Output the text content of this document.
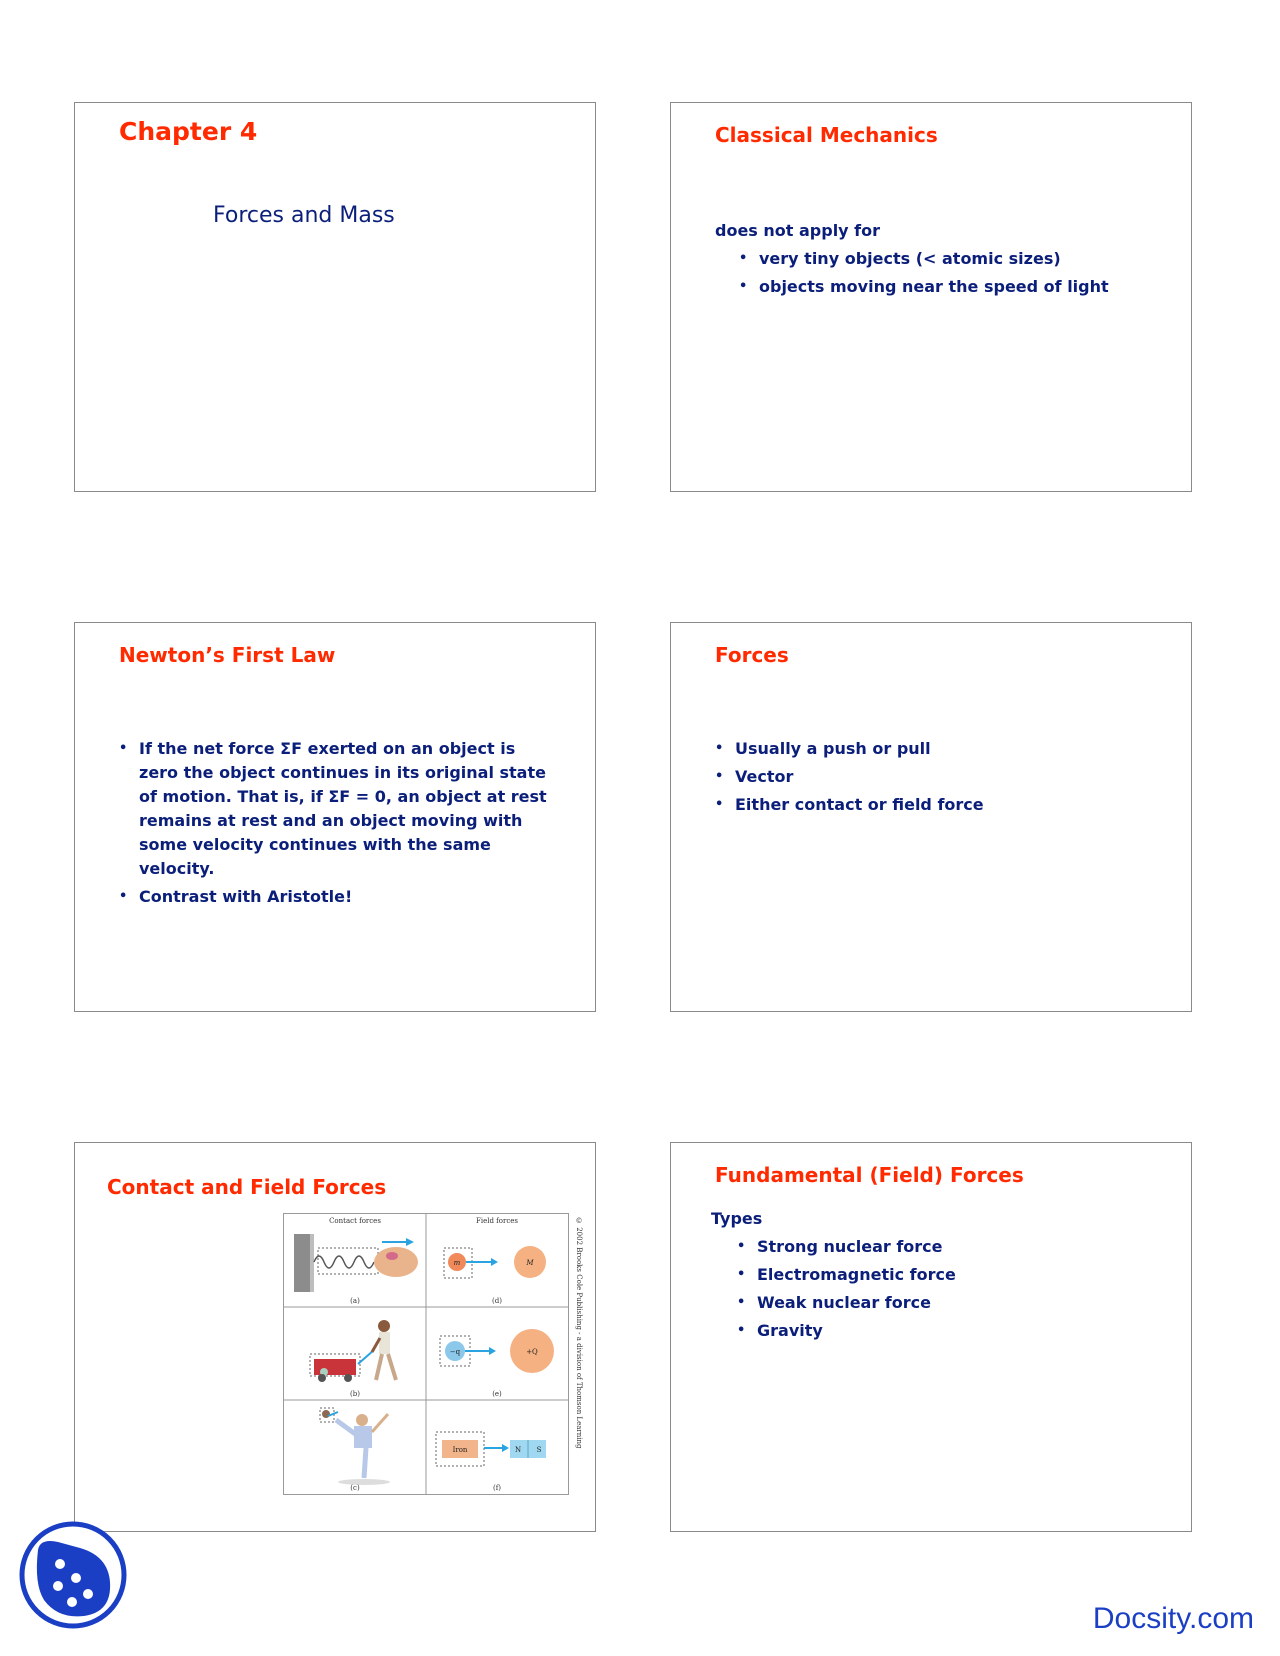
Chapter 4
Forces and Mass
Classical Mechanics
does not apply for
• very tiny objects (< atomic sizes)
• objects moving near the speed of light
Newton’s First Law
• If the net force ΣF exerted on an object is zero the object continues in its original state of motion. That is, if ΣF = 0, an object at rest remains at rest and an object moving with some velocity continues with the same velocity.
• Contrast with Aristotle!
Forces
• Usually a push or pull
• Vector
• Either contact or field force
Contact and Field Forces
Contact forces	Field forces
(a)
m	M
(d)
(b)
−q	+Q
(e)
(c)
Iron	N S
(f)
© 2002 Brooks Cole Publishing - a division of Thomson Learning
Fundamental (Field) Forces
Types
• Strong nuclear force
• Electromagnetic force
• Weak nuclear force
• Gravity
Docsity.com
